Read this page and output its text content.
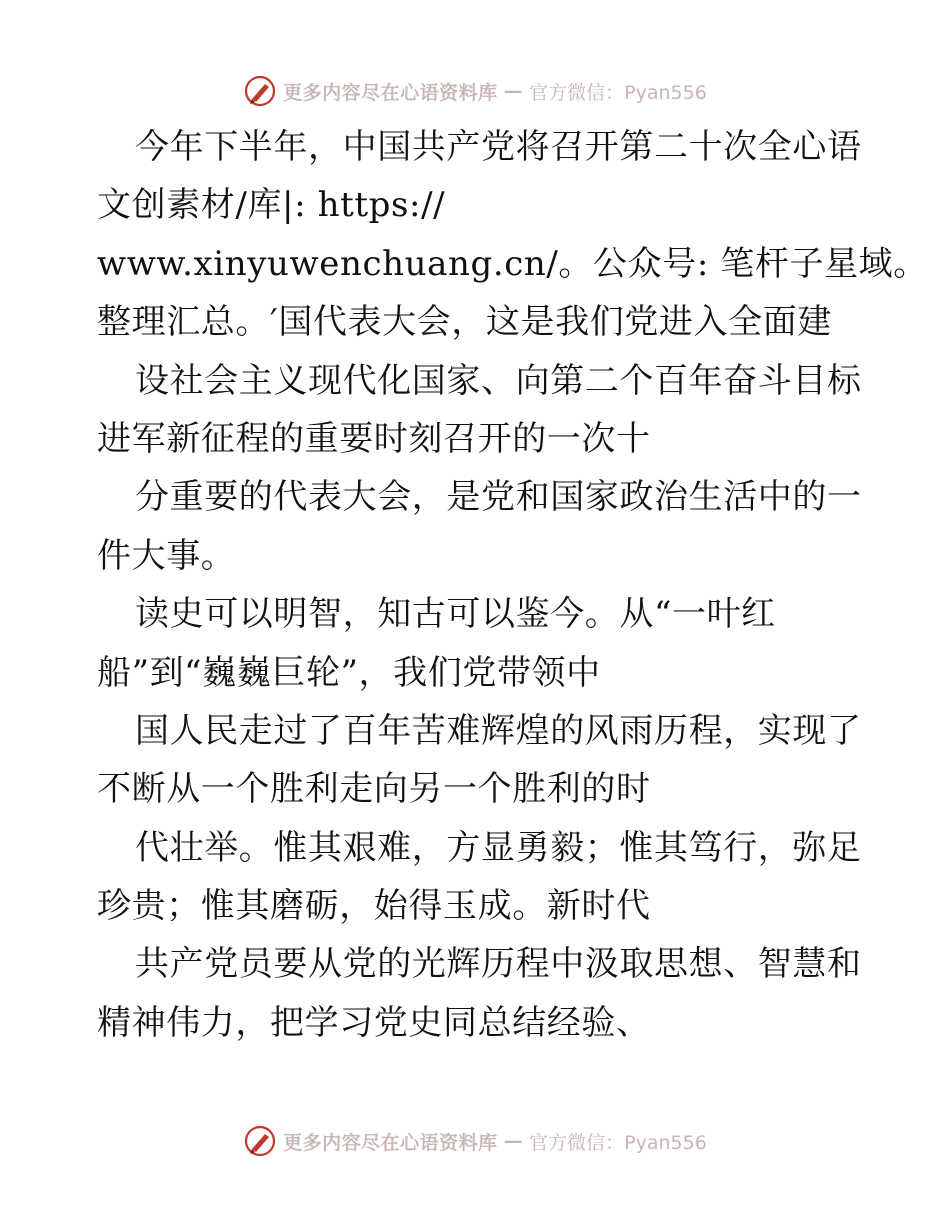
更多内容尽在心语资料库 — 官方微信：Pyan556
今年下半年，中国共产党将召开第二十次全心语
文创素材/库|: https://
www.xinyuwenchuang.cn/。公众号: 笔杆子星域。
整理汇总。′国代表大会，这是我们党进入全面建
设社会主义现代化国家、向第二个百年奋斗目标
进军新征程的重要时刻召开的一次十
分重要的代表大会，是党和国家政治生活中的一
件大事。
读史可以明智，知古可以鉴今。从“一叶红
船”到“巍巍巨轮”，我们党带领中
国人民走过了百年苦难辉煌的风雨历程，实现了
不断从一个胜利走向另一个胜利的时
代壮举。惟其艰难，方显勇毅；惟其笃行，弥足
珍贵；惟其磨砺，始得玉成。新时代
共产党员要从党的光辉历程中汲取思想、智慧和
精神伟力，把学习党史同总结经验、
更多内容尽在心语资料库 — 官方微信：Pyan556
